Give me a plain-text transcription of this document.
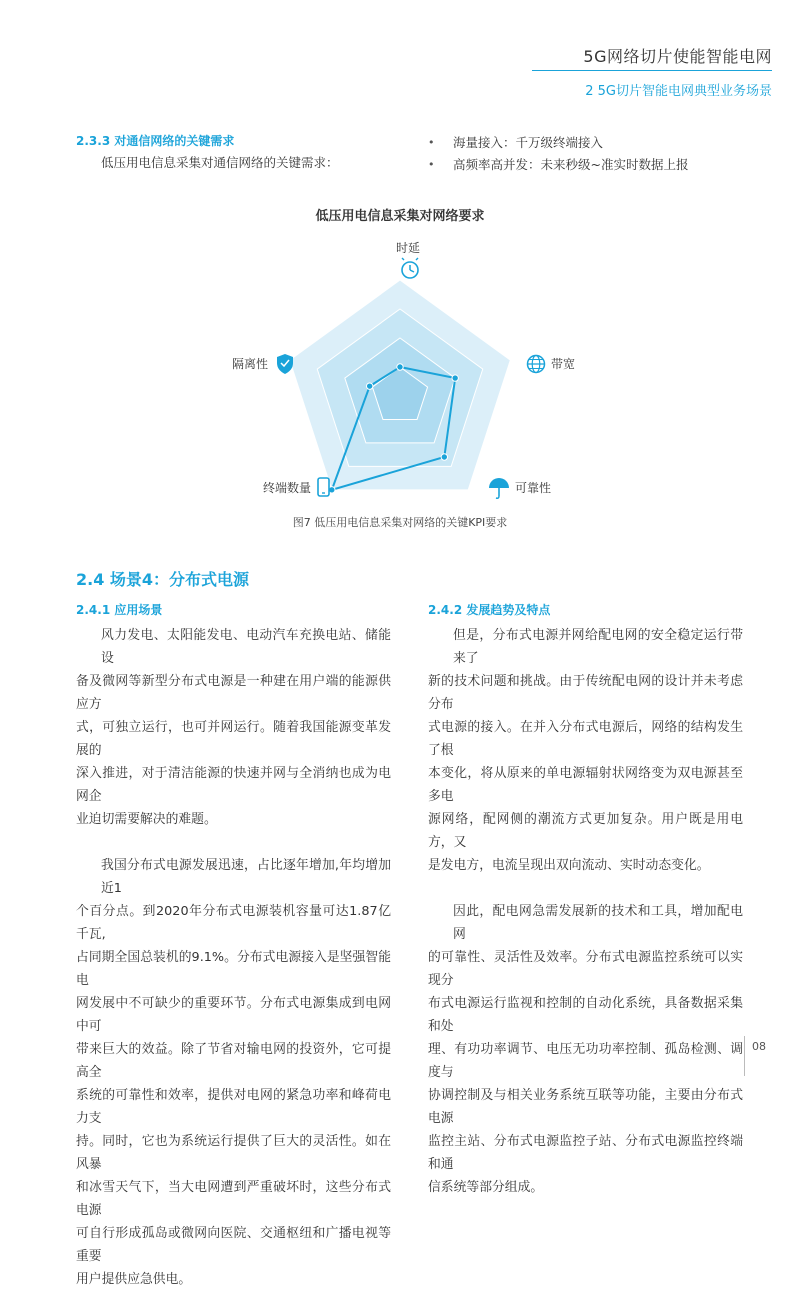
5G网络切片使能智能电网
2 5G切片智能电网典型业务场景
2.3.3 对通信网络的关键需求
低压用电信息采集对通信网络的关键需求：
• 海量接入：千万级终端接入
• 高频率高并发：未来秒级~准实时数据上报
低压用电信息采集对网络要求
时延
带宽
可靠性
终端数量
隔离性
图7 低压用电信息采集对网络的关键KPI要求
2.4 场景4：分布式电源
2.4.1 应用场景

风力发电、太阳能发电、电动汽车充换电站、储能设
备及微网等新型分布式电源是一种建在用户端的能源供应方
式，可独立运行，也可并网运行。随着我国能源变革发展的
深入推进，对于清洁能源的快速并网与全消纳也成为电网企
业迫切需要解决的难题。

我国分布式电源发展迅速，占比逐年增加,年均增加近1
个百分点。到2020年分布式电源装机容量可达1.87亿千瓦,
占同期全国总装机的9.1%。分布式电源接入是坚强智能电
网发展中不可缺少的重要环节。分布式电源集成到电网中可
带来巨大的效益。除了节省对输电网的投资外，它可提高全
系统的可靠性和效率，提供对电网的紧急功率和峰荷电力支
持。同时，它也为系统运行提供了巨大的灵活性。如在风暴
和冰雪天气下，当大电网遭到严重破坏时，这些分布式电源
可自行形成孤岛或微网向医院、交通枢纽和广播电视等重要
用户提供应急供电。

2.4.2 发展趋势及特点

但是，分布式电源并网给配电网的安全稳定运行带来了
新的技术问题和挑战。由于传统配电网的设计并未考虑分布
式电源的接入。在并入分布式电源后，网络的结构发生了根
本变化，将从原来的单电源辐射状网络变为双电源甚至多电
源网络，配网侧的潮流方式更加复杂。用户既是用电方，又
是发电方，电流呈现出双向流动、实时动态变化。

因此，配电网急需发展新的技术和工具，增加配电网
的可靠性、灵活性及效率。分布式电源监控系统可以实现分
布式电源运行监视和控制的自动化系统，具备数据采集和处
理、有功功率调节、电压无功功率控制、孤岛检测、调度与
协调控制及与相关业务系统互联等功能，主要由分布式电源
监控主站、分布式电源监控子站、分布式电源监控终端和通
信系统等部分组成。

08
